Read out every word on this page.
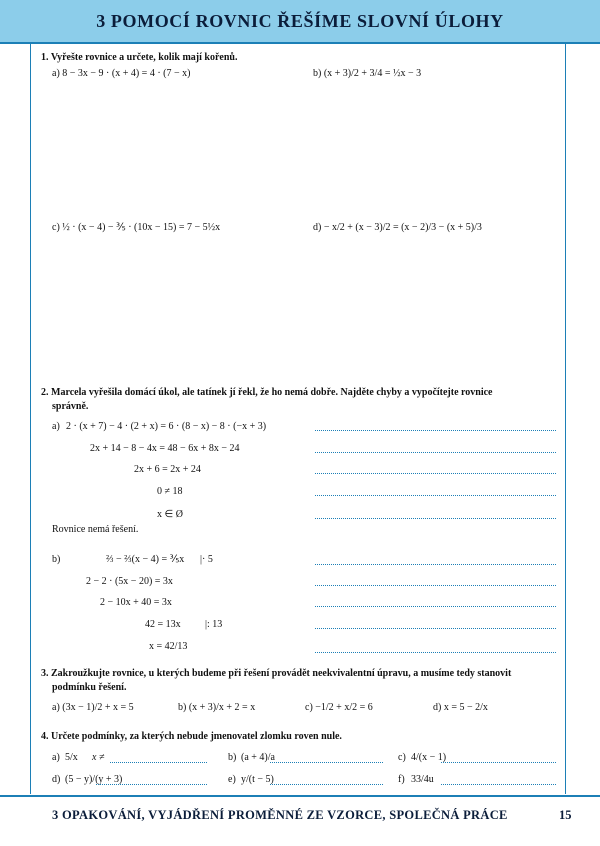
3 POMOCÍ ROVNIC ŘEŠÍME SLOVNÍ ÚLOHY
1. Vyřešte rovnice a určete, kolik mají kořenů.
a) 8 − 3x − 9 · (x + 4) = 4 · (7 − x)	b) (x + 3)/2 + 3/4 = ½x − 3
c) ½ · (x − 4) − ⅗ · (10x − 15) = 7 − 5½x	d) − x/2 + (x − 3)/2 = (x − 2)/3 − (x + 5)/3
2. Marcela vyřešila domácí úkol, ale tatínek jí řekl, že ho nemá dobře. Najděte chyby a vypočítejte rovnice
správně.
a) 2 · (x + 7) − 4 · (2 + x) = 6 · (8 − x) − 8 · (−x + 3)
2x + 14 − 8 − 4x = 48 − 6x + 8x − 24
2x + 6 = 2x + 24
0 ≠ 18
x ∈ Ø
Rovnice nemá řešení.
b)	⅔ − ⅔(x − 4) = ⅗x |· 5
2 − 2 · (5x − 20) = 3x
2 − 10x + 40 = 3x
42 = 13x |: 13
x = 42/13
3. Zakroužkujte rovnice, u kterých budeme při řešení provádět neekvivalentní úpravu, a musíme tedy stanovit
podmínku řešení.
a) (3x − 1)/2 + x = 5	b) (x + 3)/x + 2 = x	c) −1/2 + x/2 = 6	d) x = 5 − 2/x
4. Určete podmínky, za kterých nebude jmenovatel zlomku roven nule.
a) 5/x x ≠	b) (a + 4)/a	c) 4/(x − 1)
d) (5 − y)/(y + 3)	e) y/(t − 5)	f) 33/4u
3 OPAKOVÁNÍ, VYJÁDŘENÍ PROMĚNNÉ ZE VZORCE, SPOLEČNÁ PRÁCE	15
